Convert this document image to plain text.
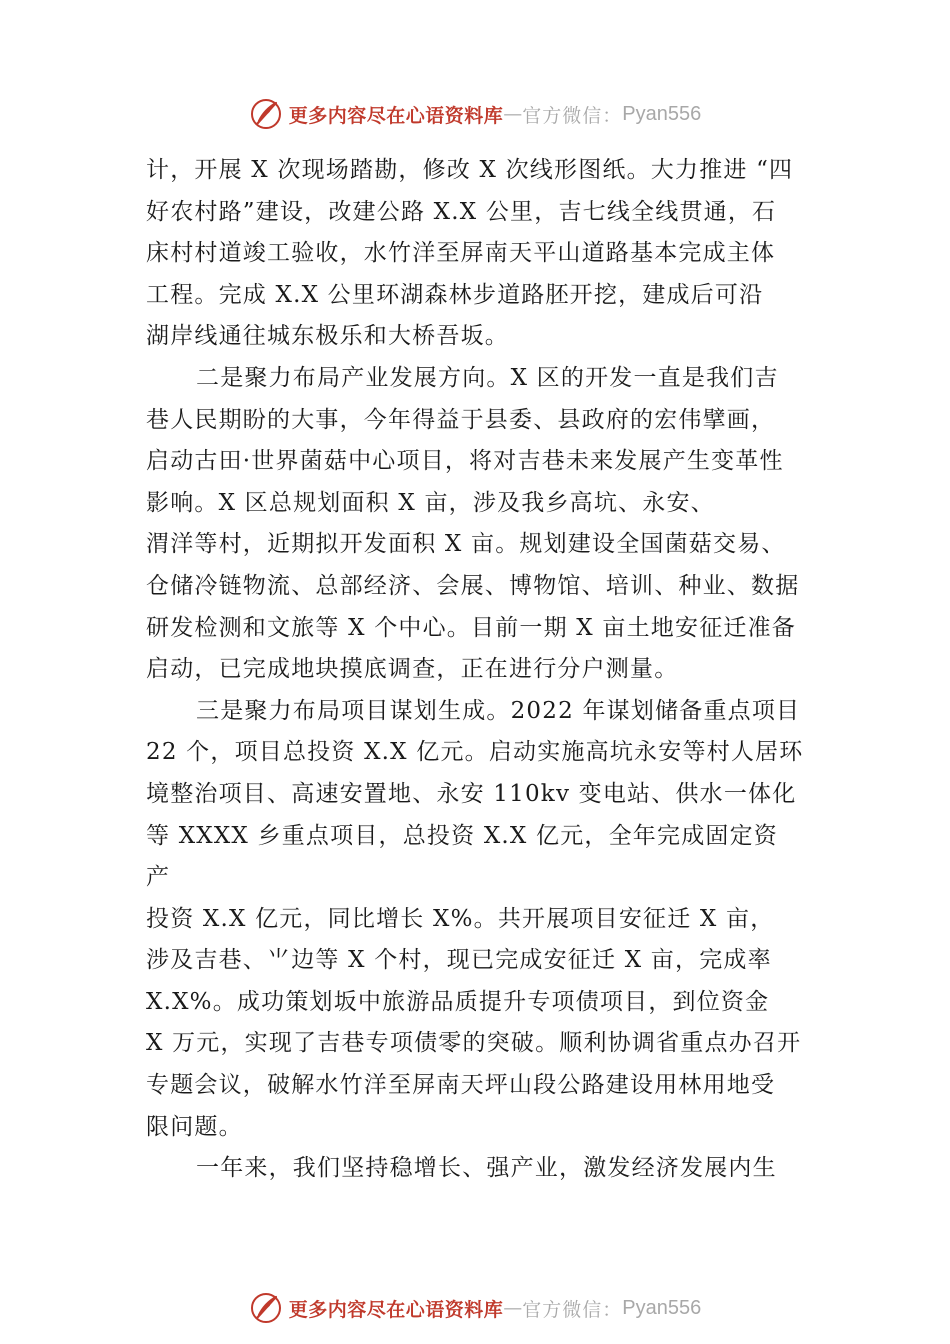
更多内容尽在心语资料库 — 官方微信： Pyan556
计，开展 X 次现场踏勘，修改 X 次线形图纸。大力推进 “四
好农村路”建设，改建公路 X.X 公里，吉七线全线贯通，石
床村村道竣工验收，水竹洋至屏南天平山道路基本完成主体
工程。完成 X.X 公里环湖森林步道路胚开挖，建成后可沿
湖岸线通往城东极乐和大桥吾坂。
二是聚力布局产业发展方向。X 区的开发一直是我们吉
巷人民期盼的大事，今年得益于县委、县政府的宏伟擘画，
启动古田·世界菌菇中心项目，将对吉巷未来发展产生变革性
影响。X 区总规划面积 X 亩，涉及我乡高坑、永安、
渭洋等村，近期拟开发面积 X 亩。规划建设全国菌菇交易、
仓储冷链物流、总部经济、会展、博物馆、培训、种业、数据
研发检测和文旅等 X 个中心。目前一期 X 亩土地安征迁准备
启动，已完成地块摸底调查，正在进行分户测量。
三是聚力布局项目谋划生成。2022 年谋划储备重点项目
22 个，项目总投资 X.X 亿元。启动实施高坑永安等村人居环
境整治项目、高速安置地、永安 110kv 变电站、供水一体化
等 XXXX 乡重点项目，总投资 X.X 亿元，全年完成固定资
产
投资 X.X 亿元，同比增长 X%。共开展项目安征迁 X 亩，
涉及吉巷、⺌边等 X 个村，现已完成安征迁 X 亩，完成率
X.X%。成功策划坂中旅游品质提升专项债项目，到位资金
X 万元，实现了吉巷专项债零的突破。顺利协调省重点办召开
专题会议，破解水竹洋至屏南天坪山段公路建设用林用地受
限问题。
一年来，我们坚持稳增长、强产业，激发经济发展内生
更多内容尽在心语资料库 — 官方微信： Pyan556
